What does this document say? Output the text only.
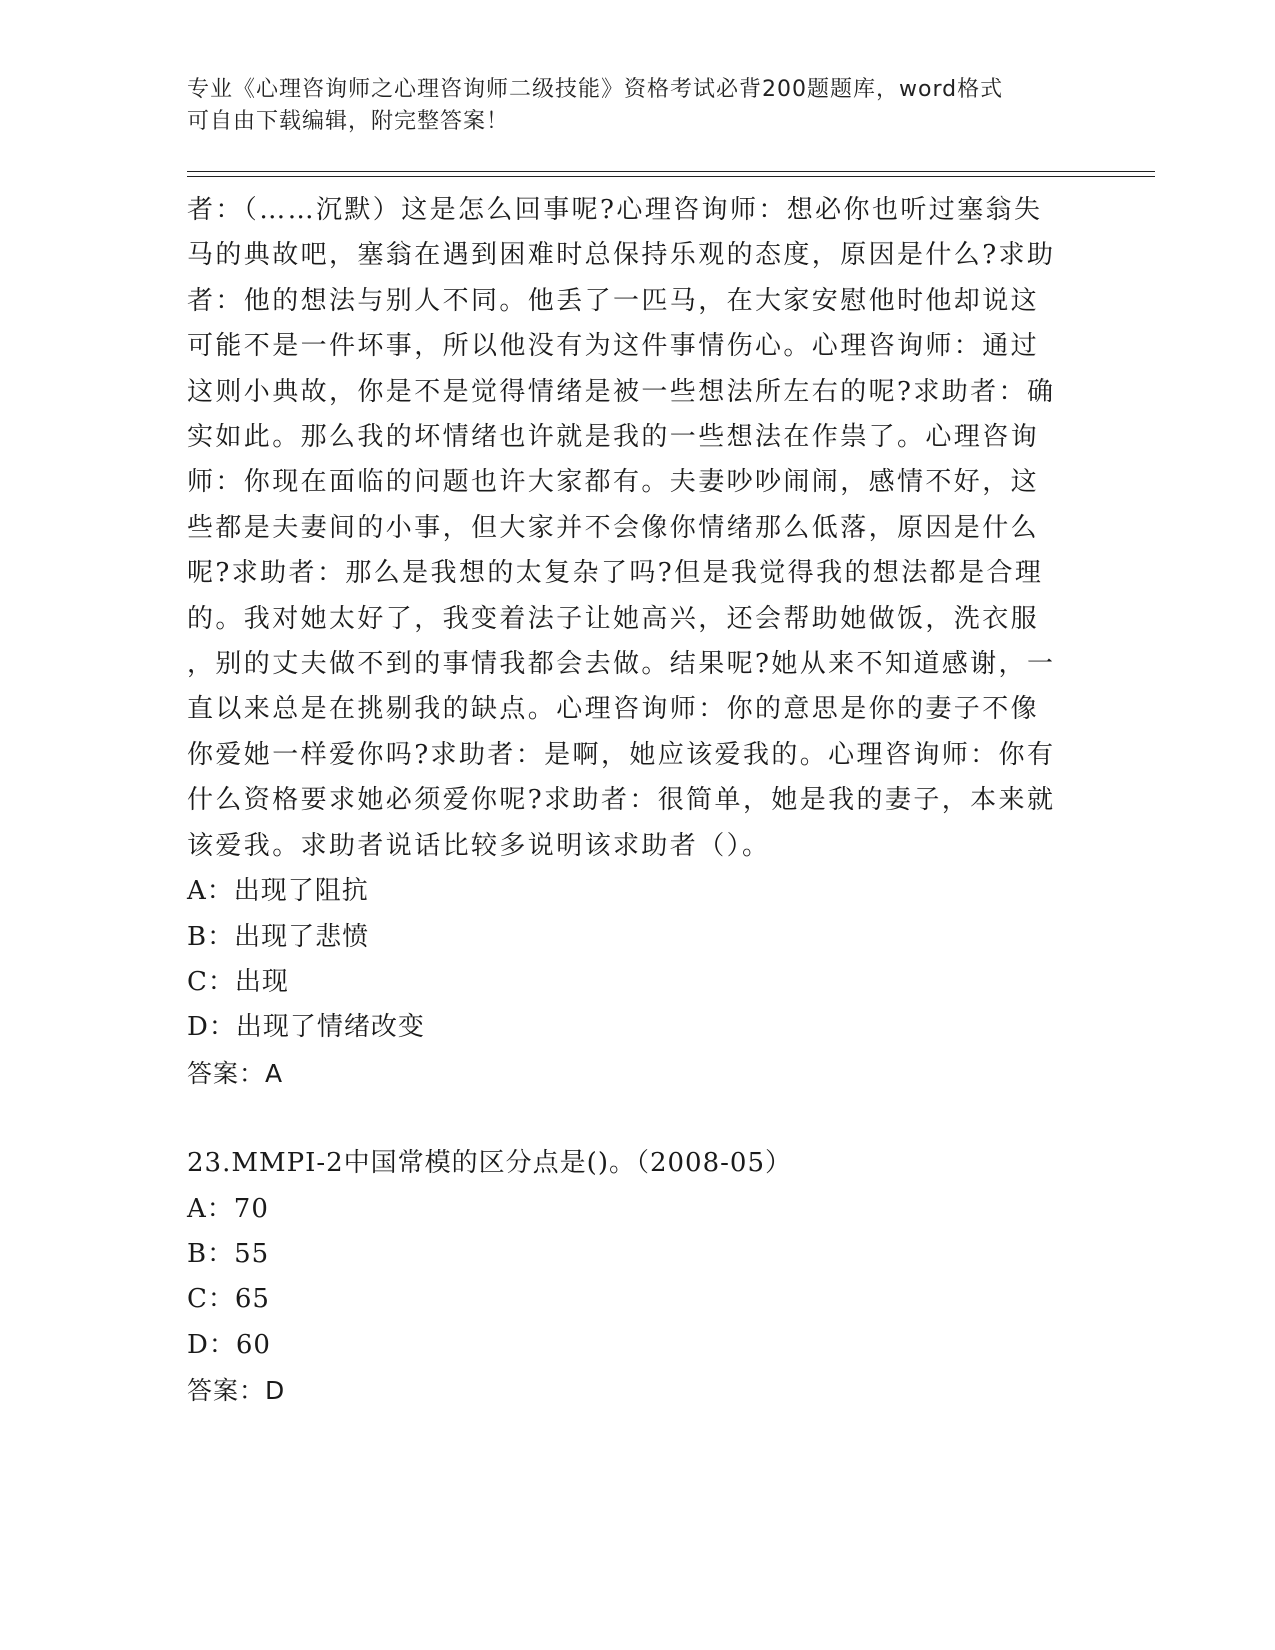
专业《心理咨询师之心理咨询师二级技能》资格考试必背200题题库，word格式
可自由下载编辑，附完整答案！
者：（……沉默）这是怎么回事呢?心理咨询师：想必你也听过塞翁失
马的典故吧，塞翁在遇到困难时总保持乐观的态度，原因是什么?求助
者：他的想法与别人不同。他丢了一匹马，在大家安慰他时他却说这
可能不是一件坏事，所以他没有为这件事情伤心。心理咨询师：通过
这则小典故，你是不是觉得情绪是被一些想法所左右的呢?求助者：确
实如此。那么我的坏情绪也许就是我的一些想法在作祟了。心理咨询
师：你现在面临的问题也许大家都有。夫妻吵吵闹闹，感情不好，这
些都是夫妻间的小事，但大家并不会像你情绪那么低落，原因是什么
呢?求助者：那么是我想的太复杂了吗?但是我觉得我的想法都是合理
的。我对她太好了，我变着法子让她高兴，还会帮助她做饭，洗衣服
，别的丈夫做不到的事情我都会去做。结果呢?她从来不知道感谢，一
直以来总是在挑剔我的缺点。心理咨询师：你的意思是你的妻子不像
你爱她一样爱你吗?求助者：是啊，她应该爱我的。心理咨询师：你有
什么资格要求她必须爱你呢?求助者：很简单，她是我的妻子，本来就
该爱我。求助者说话比较多说明该求助者（）。
A：出现了阻抗
B：出现了悲愤
C：出现
D：出现了情绪改变
答案：A
23.MMPI-2中国常模的区分点是()。（2008-05）
A：70
B：55
C：65
D：60
答案：D
